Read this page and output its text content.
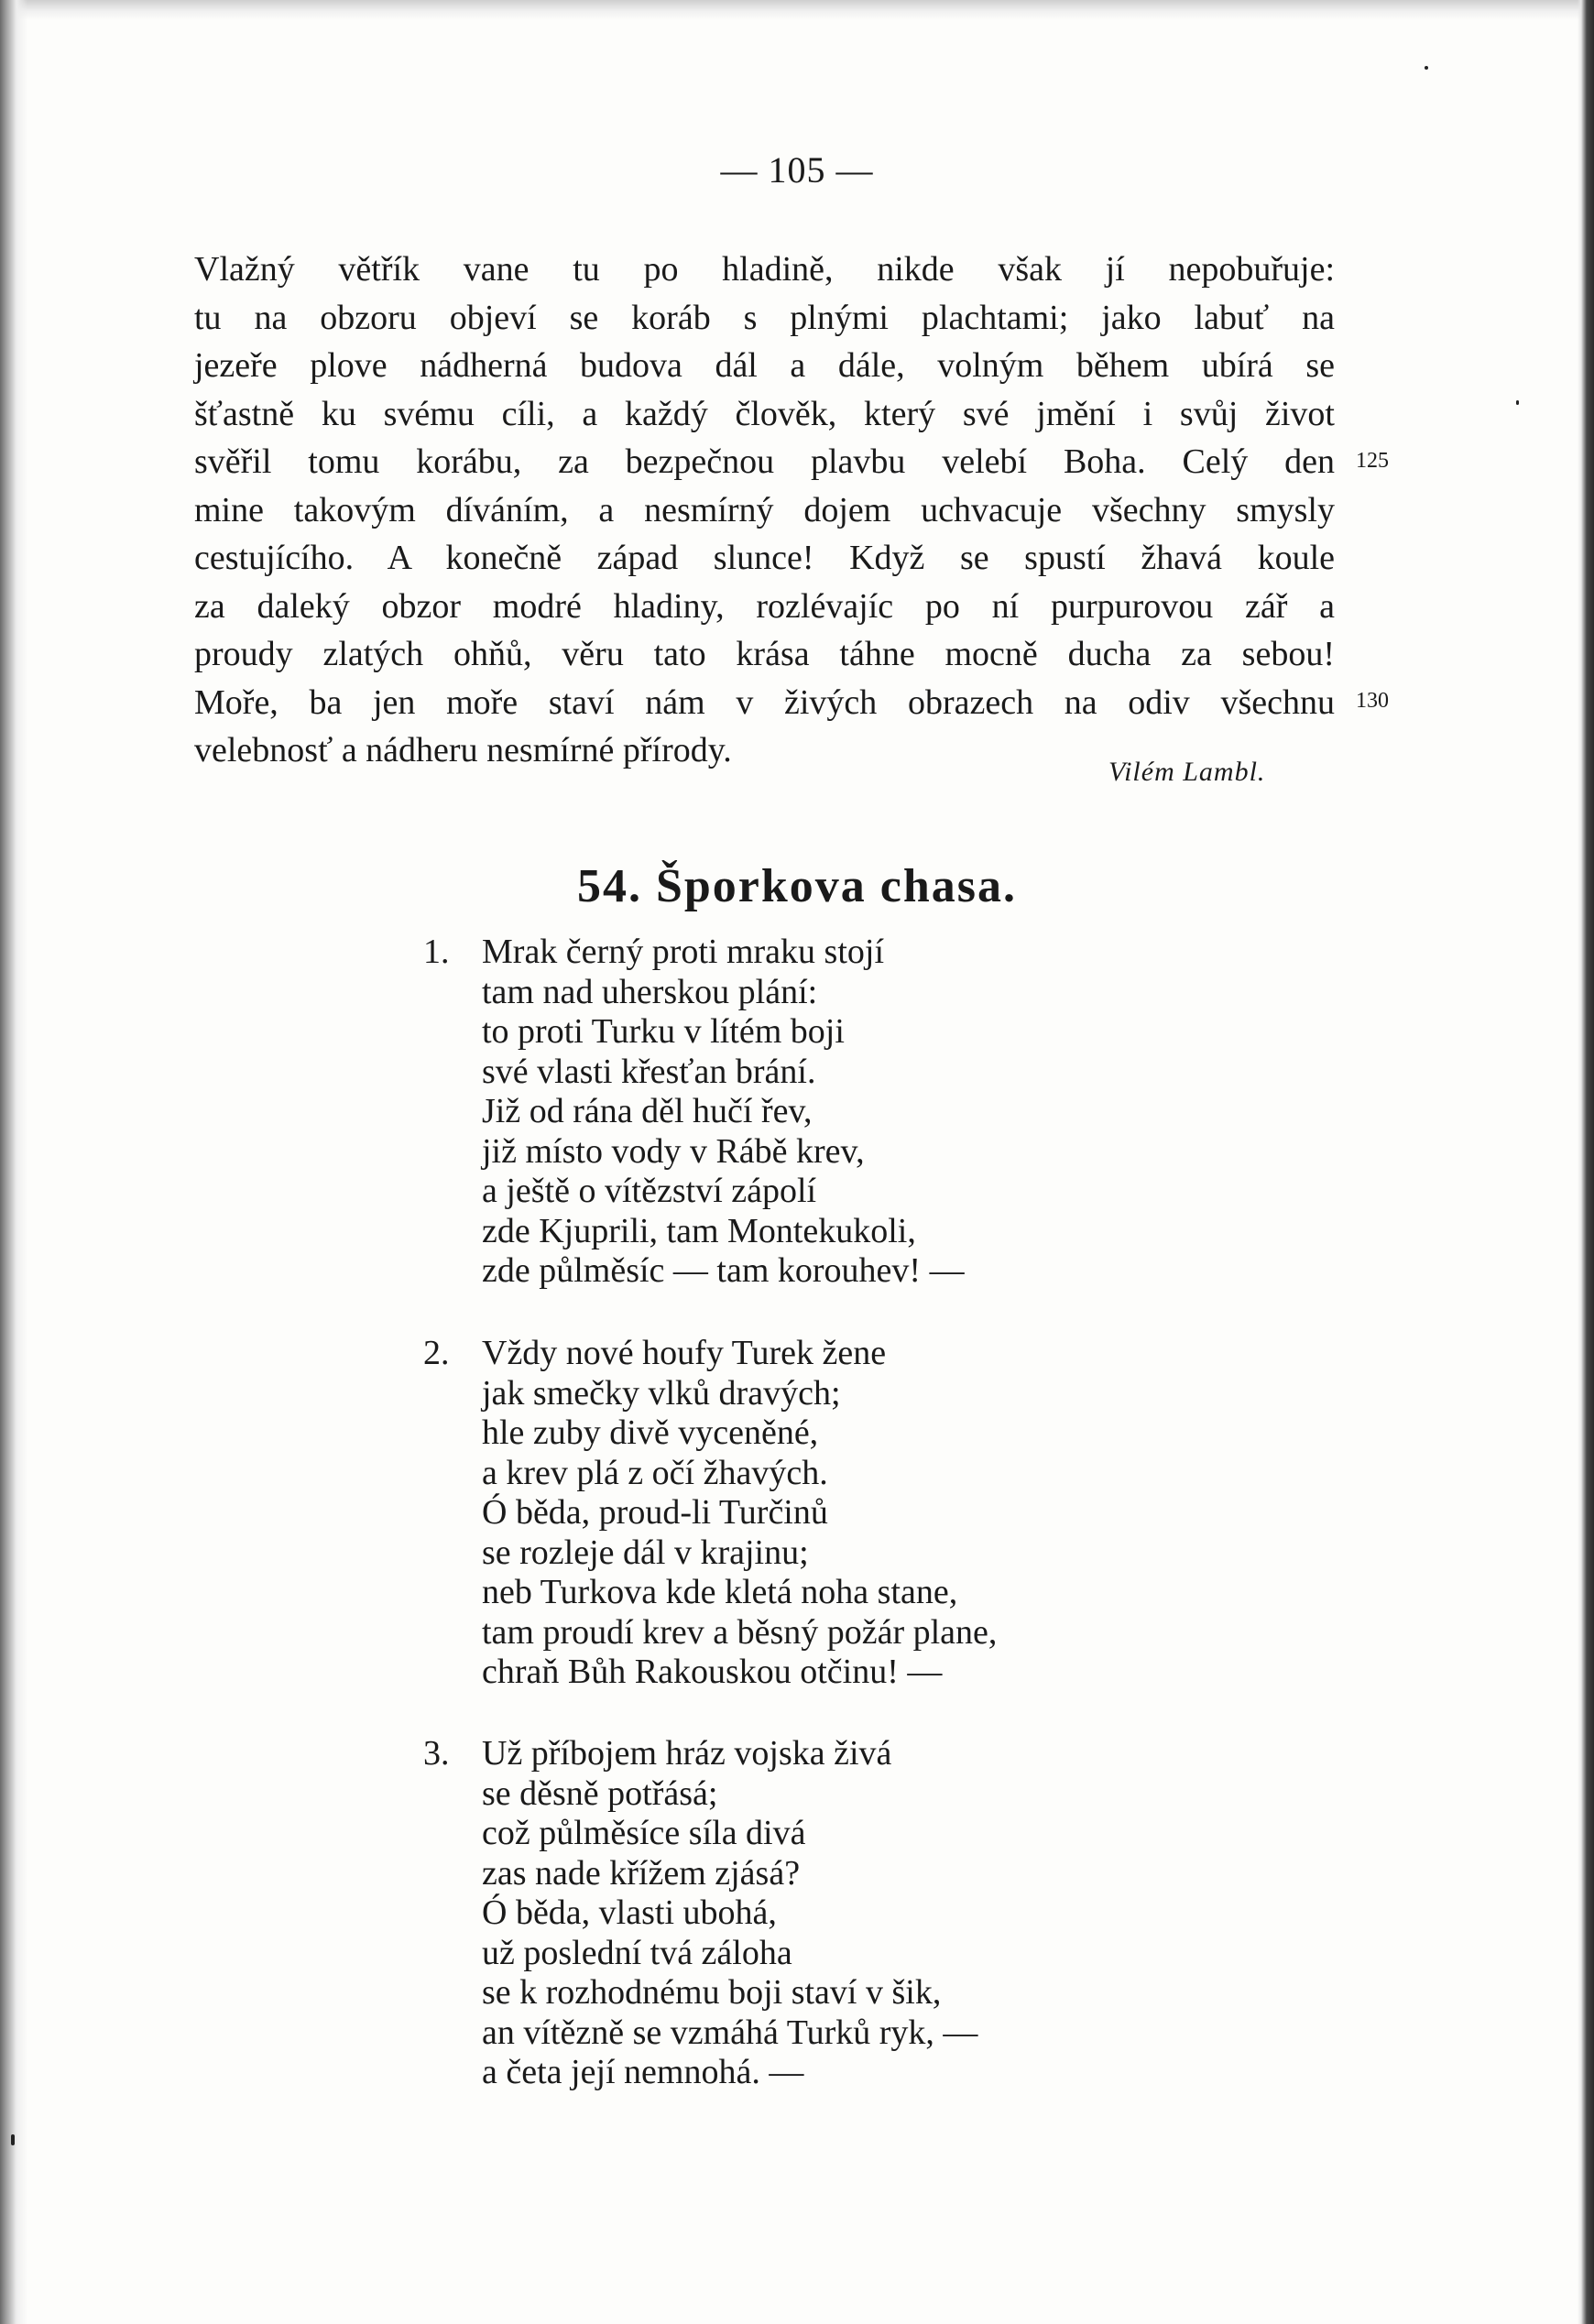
— 105 —
Vlažný větřík vane tu po hladině, nikde však jí nepobuřuje:
tu na obzoru objeví se koráb s plnými plachtami; jako labuť na
jezeře plove nádherná budova dál a dále, volným během ubírá se
šťastně ku svému cíli, a každý člověk, který své jmění i svůj život
svěřil tomu korábu, za bezpečnou plavbu velebí Boha. Celý den
mine takovým díváním, a nesmírný dojem uchvacuje všechny smysly
cestujícího. A konečně západ slunce! Když se spustí žhavá koule
za daleký obzor modré hladiny, rozlévajíc po ní purpurovou zář a
proudy zlatých ohňů, věru tato krása táhne mocně ducha za sebou!
Moře, ba jen moře staví nám v živých obrazech na odiv všechnu
velebnosť a nádheru nesmírné přírody.
125
130
Vilém Lambl.
54. Šporkova chasa.
1. Mrak černý proti mraku stojí
tam nad uherskou plání:
to proti Turku v lítém boji
své vlasti křesťan brání.
Již od rána děl hučí řev,
již místo vody v Rábě krev,
a ještě o vítězství zápolí
zde Kjuprili, tam Montekukoli,
zde půlměsíc — tam korouhev! —
2. Vždy nové houfy Turek žene
jak smečky vlků dravých;
hle zuby divě vyceněné,
a krev plá z očí žhavých.
Ó běda, proud-li Turčinů
se rozleje dál v krajinu;
neb Turkova kde kletá noha stane,
tam proudí krev a běsný požár plane,
chraň Bůh Rakouskou otčinu! —
3. Už příbojem hráz vojska živá
se děsně potřásá;
což půlměsíce síla divá
zas nade křížem zjásá?
Ó běda, vlasti ubohá,
už poslední tvá záloha
se k rozhodnému boji staví v šik,
an vítězně se vzmáhá Turků ryk, —
a četa její nemnohá. —
